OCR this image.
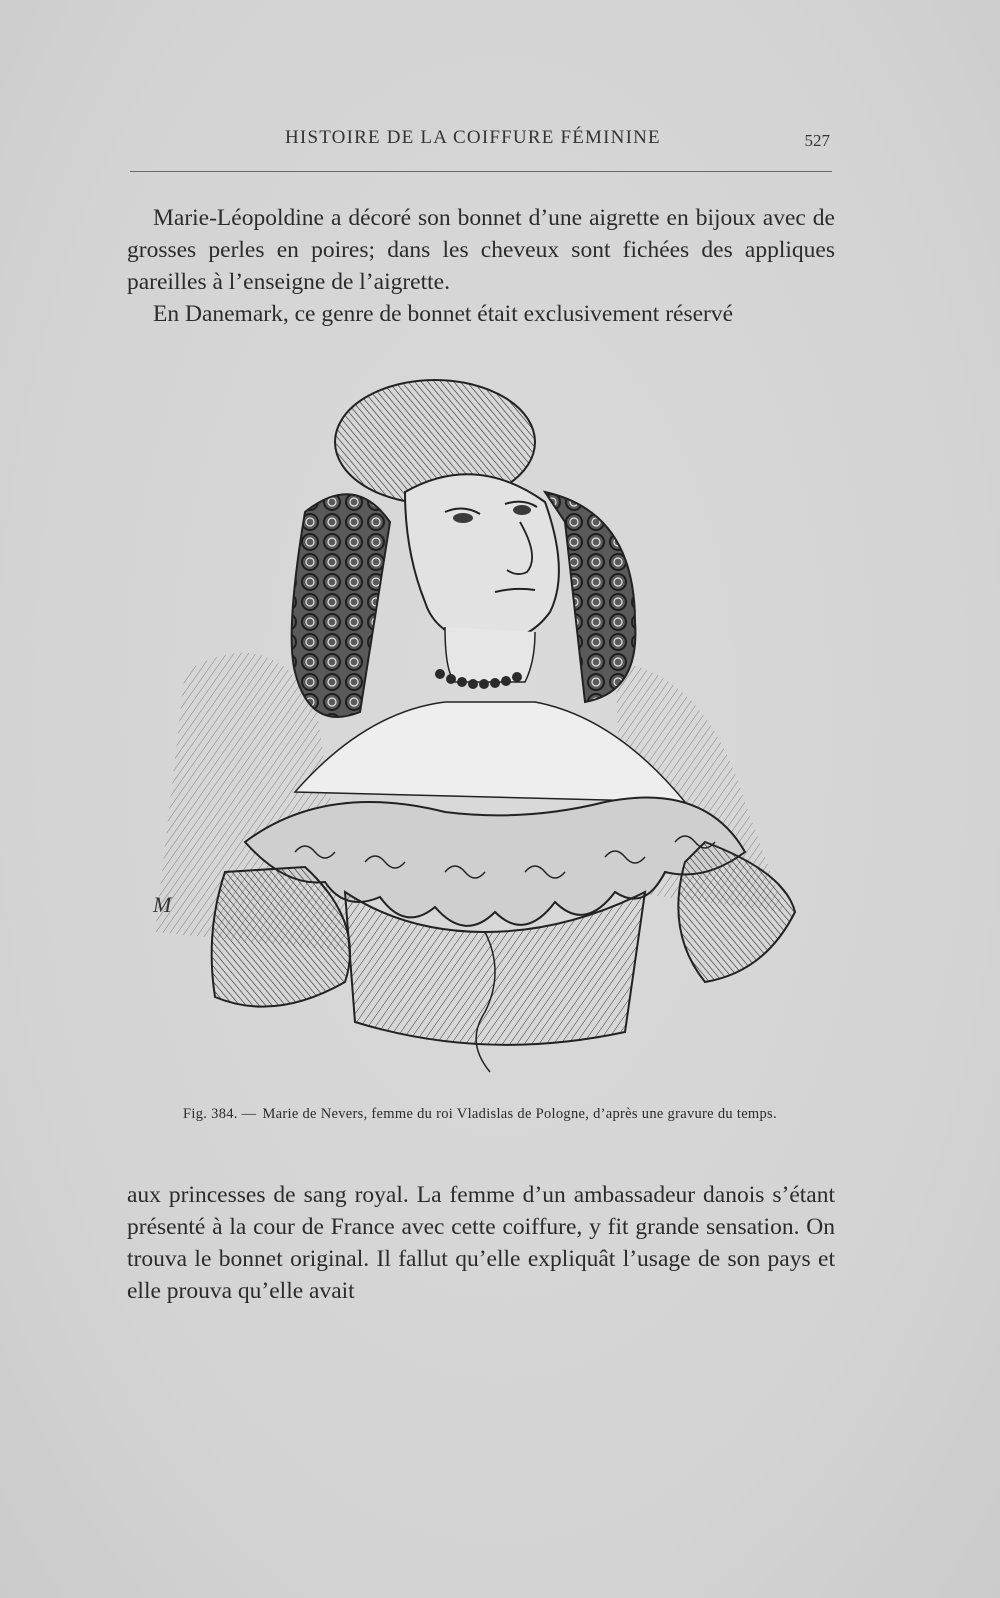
HISTOIRE DE LA COIFFURE FÉMININE	527

Marie-Léopoldine a décoré son bonnet d’une aigrette en bijoux avec de grosses perles en poires; dans les cheveux sont fichées des appliques pareilles à l’enseigne de l’aigrette.

En Danemark, ce genre de bonnet était exclusivement réservé

M
Fig. 384. — Marie de Nevers, femme du roi Vladislas de Pologne, d’après une gravure du temps.

aux princesses de sang royal. La femme d’un ambassadeur danois s’étant présenté à la cour de France avec cette coiffure, y fit grande sensation. On trouva le bonnet original. Il fallut qu’elle expliquât l’usage de son pays et elle prouva qu’elle avait
